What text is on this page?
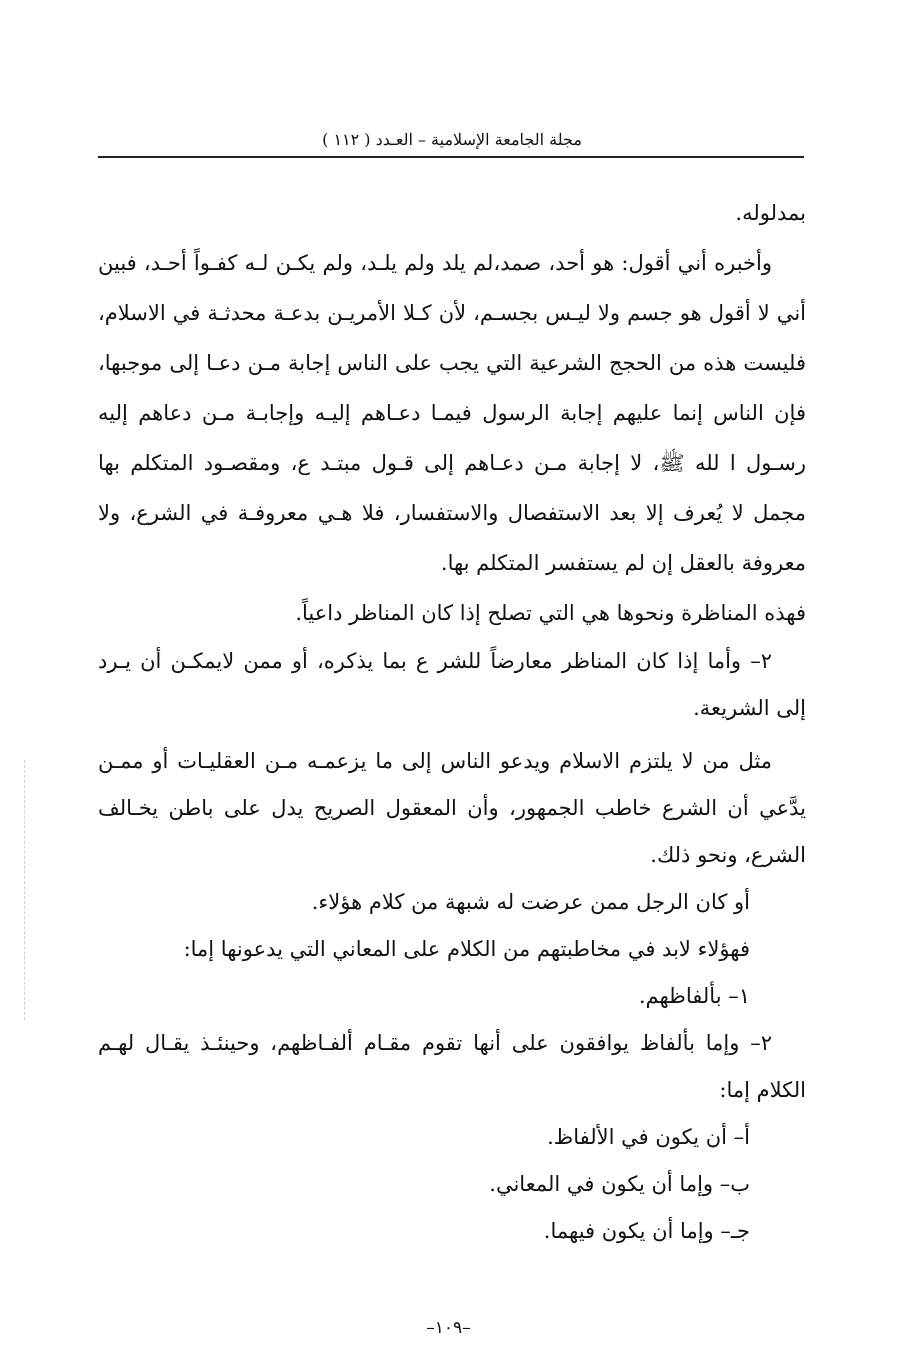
مجلة الجامعة الإسلامية – العـدد ( ١١٢ )

بمدلوله.

وأخبره أني أقول: هو أحد، صمد،لم يلد ولم يلـد، ولم يكـن لـه كفـواً أحـد، فبين أني لا أقول هو جسم ولا ليـس بجسـم، لأن كـلا الأمريـن بدعـة محدثـة في الاسلام، فليست هذه من الحجج الشرعية التي يجب على الناس إجابة مـن دعـا إلى موجبها، فإن الناس إنما عليهم إجابة الرسول فيمـا دعـاهم إليـه وإجابـة مـن دعاهم إليه رسـول ا لله ﷺ، لا إجابة مـن دعـاهم إلى قـول مبتـد ع، ومقصـود المتكلم بها مجمل لا يُعرف إلا بعد الاستفصال والاستفسار، فلا هـي معروفـة في الشرع، ولا معروفة بالعقل إن لم يستفسر المتكلم بها.

فهذه المناظرة ونحوها هي التي تصلح إذا كان المناظر داعياً.

٢– وأما إذا كان المناظر معارضاً للشر ع بما يذكره، أو ممن لايمكـن أن يـرد إلى الشريعة.

مثل من لا يلتزم الاسلام ويدعو الناس إلى ما يزعمـه مـن العقليـات أو ممـن يدَّعي أن الشرع خاطب الجمهور، وأن المعقول الصريح يدل على باطن يخـالف الشرع، ونحو ذلك.

أو كان الرجل ممن عرضت له شبهة من كلام هؤلاء.

فهؤلاء لابد في مخاطبتهم من الكلام على المعاني التي يدعونها إما:

١– بألفاظهم.

٢– وإما بألفاظ يوافقون على أنها تقوم مقـام ألفـاظهم، وحينئـذ يقـال لهـم الكلام إما:

أ– أن يكون في الألفاظ.

ب– وإما أن يكون في المعاني.

جـ– وإما أن يكون فيهما.

–١٠٩–
